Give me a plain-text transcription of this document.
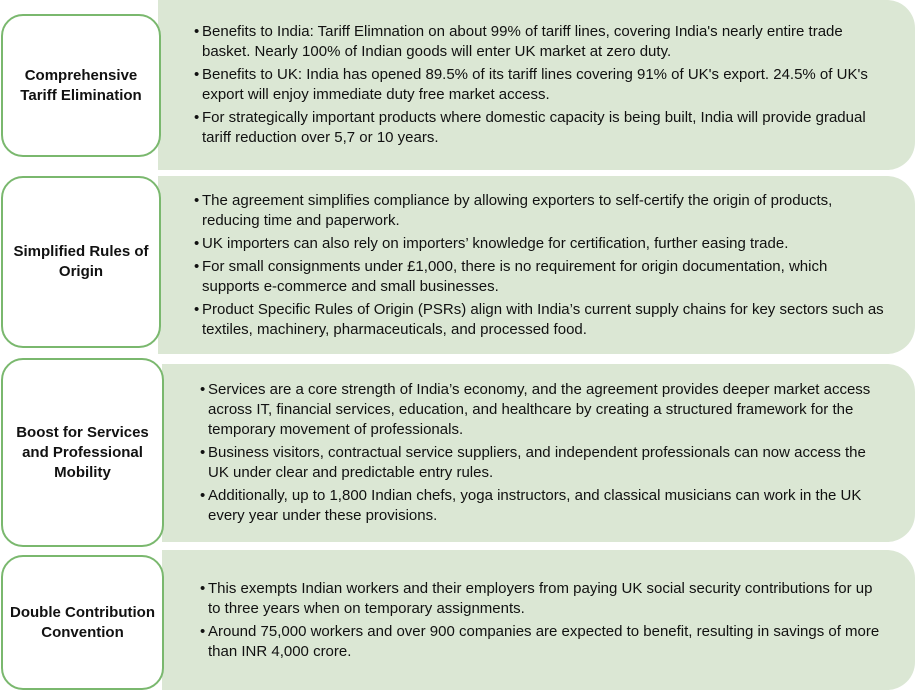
• Benefits to India: Tariff Elimnation on about 99% of tariff lines, covering India's nearly entire trade basket. Nearly 100% of Indian goods will enter UK market at zero duty.
• Benefits to UK: India has opened 89.5% of its tariff lines covering 91% of UK's export. 24.5% of UK's export will enjoy immediate duty free market access.
• For strategically important products where domestic capacity is being built, India will provide gradual tariff reduction over 5,7 or 10 years.
Comprehensive Tariff Elimination
• The agreement simplifies compliance by allowing exporters to self-certify the origin of products, reducing time and paperwork.
• UK importers can also rely on importers’ knowledge for certification, further easing trade.
• For small consignments under £1,000, there is no requirement for origin documentation, which supports e-commerce and small businesses.
• Product Specific Rules of Origin (PSRs) align with India’s current supply chains for key sectors such as textiles, machinery, pharmaceuticals, and processed food.
Simplified Rules of Origin
• Services are a core strength of India’s economy, and the agreement provides deeper market access across IT, financial services, education, and healthcare by creating a structured framework for the temporary movement of professionals.
• Business visitors, contractual service suppliers, and independent professionals can now access the UK under clear and predictable entry rules.
• Additionally, up to 1,800 Indian chefs, yoga instructors, and classical musicians can work in the UK every year under these provisions.
Boost for Services and Professional Mobility
• This exempts Indian workers and their employers from paying UK social security contributions for up to three years when on temporary assignments.
• Around 75,000 workers and over 900 companies are expected to benefit, resulting in savings of more than INR 4,000 crore.
Double Contribution Convention
